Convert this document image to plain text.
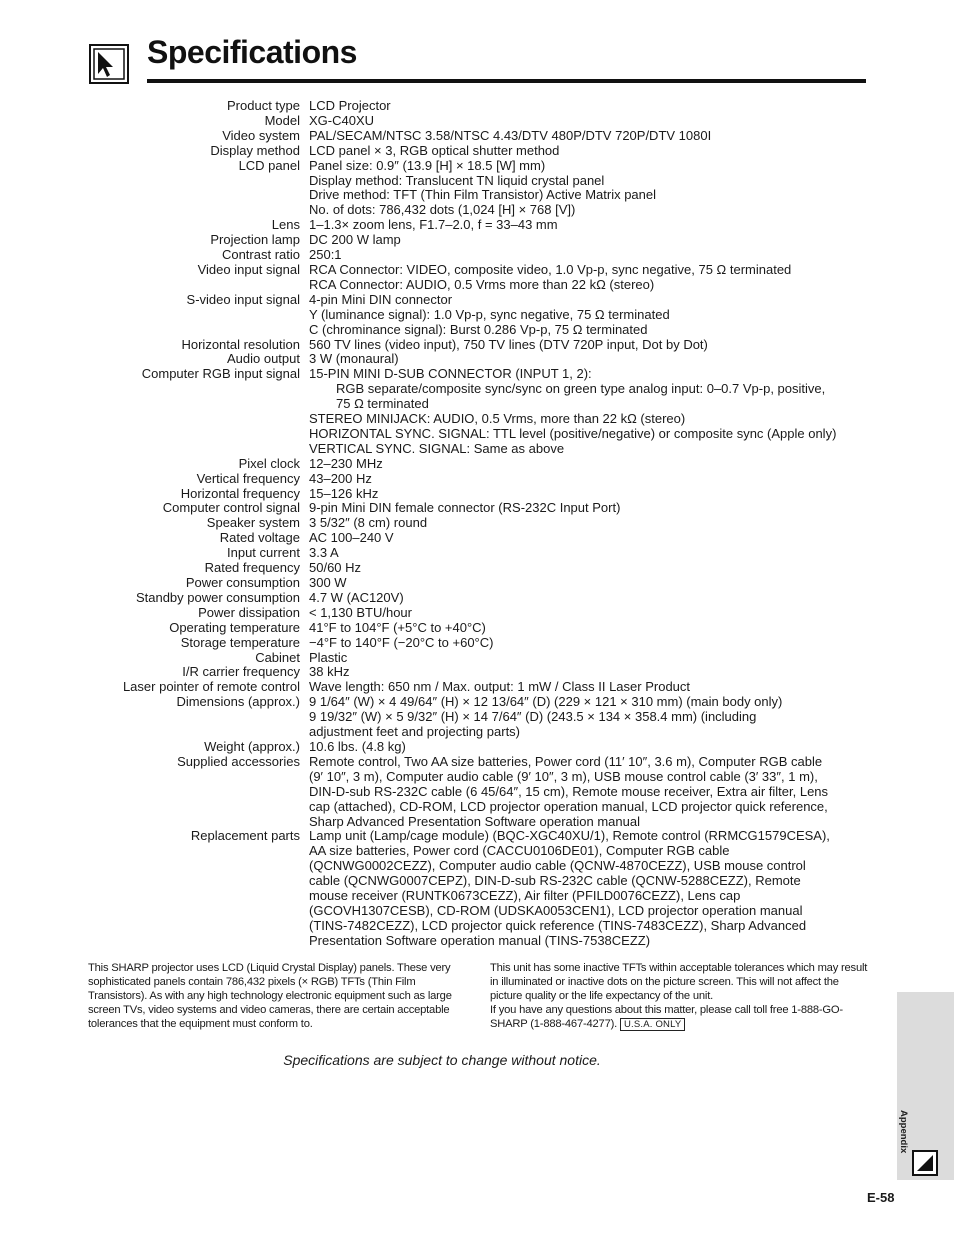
Specifications
Product type LCD Projector
Model XG-C40XU
Video system PAL/SECAM/NTSC 3.58/NTSC 4.43/DTV 480P/DTV 720P/DTV 1080I
Display method LCD panel × 3, RGB optical shutter method
LCD panel Panel size: 0.9″ (13.9 [H] × 18.5 [W] mm)
Display method: Translucent TN liquid crystal panel
Drive method: TFT (Thin Film Transistor) Active Matrix panel
No. of dots: 786,432 dots (1,024 [H] × 768 [V])
Lens 1–1.3× zoom lens, F1.7–2.0, f = 33–43 mm
Projection lamp DC 200 W lamp
Contrast ratio 250:1
Video input signal RCA Connector: VIDEO, composite video, 1.0 Vp-p, sync negative, 75 Ω terminated
RCA Connector: AUDIO, 0.5 Vrms more than 22 kΩ (stereo)
S-video input signal 4-pin Mini DIN connector
Y (luminance signal): 1.0 Vp-p, sync negative, 75 Ω terminated
C (chrominance signal): Burst 0.286 Vp-p, 75 Ω terminated
Horizontal resolution 560 TV lines (video input), 750 TV lines (DTV 720P input, Dot by Dot)
Audio output 3 W (monaural)
Computer RGB input signal 15-PIN MINI D-SUB CONNECTOR (INPUT 1, 2):
RGB separate/composite sync/sync on green type analog input: 0–0.7 Vp-p, positive,
75 Ω terminated
STEREO MINIJACK: AUDIO, 0.5 Vrms, more than 22 kΩ (stereo)
HORIZONTAL SYNC. SIGNAL: TTL level (positive/negative) or composite sync (Apple only)
VERTICAL SYNC. SIGNAL: Same as above
Pixel clock 12–230 MHz
Vertical frequency 43–200 Hz
Horizontal frequency 15–126 kHz
Computer control signal 9-pin Mini DIN female connector (RS-232C Input Port)
Speaker system 3 5/32″ (8 cm) round
Rated voltage AC 100–240 V
Input current 3.3 A
Rated frequency 50/60 Hz
Power consumption 300 W
Standby power consumption 4.7 W (AC120V)
Power dissipation < 1,130 BTU/hour
Operating temperature 41°F to 104°F (+5°C to +40°C)
Storage temperature −4°F to 140°F (−20°C to +60°C)
Cabinet Plastic
I/R carrier frequency 38 kHz
Laser pointer of remote control Wave length: 650 nm / Max. output: 1 mW / Class II Laser Product
Dimensions (approx.) 9 1/64″ (W) × 4 49/64″ (H) × 12 13/64″ (D) (229 × 121 × 310 mm) (main body only)
9 19/32″ (W) × 5 9/32″ (H) × 14 7/64″ (D) (243.5 × 134 × 358.4 mm) (including
adjustment feet and projecting parts)
Weight (approx.) 10.6 lbs. (4.8 kg)
Supplied accessories Remote control, Two AA size batteries, Power cord (11′ 10″, 3.6 m), Computer RGB cable
(9′ 10″, 3 m), Computer audio cable (9′ 10″, 3 m), USB mouse control cable (3′ 33″, 1 m),
DIN-D-sub RS-232C cable (6 45/64″, 15 cm), Remote mouse receiver, Extra air filter, Lens
cap (attached), CD-ROM, LCD projector operation manual, LCD projector quick reference,
Sharp Advanced Presentation Software operation manual
Replacement parts Lamp unit (Lamp/cage module) (BQC-XGC40XU/1), Remote control (RRMCG1579CESA),
AA size batteries, Power cord (CACCU0106DE01), Computer RGB cable
(QCNWG0002CEZZ), Computer audio cable (QCNW-4870CEZZ), USB mouse control
cable (QCNWG0007CEPZ), DIN-D-sub RS-232C cable (QCNW-5288CEZZ), Remote
mouse receiver (RUNTK0673CEZZ), Air filter (PFILD0076CEZZ), Lens cap
(GCOVH1307CESB), CD-ROM (UDSKA0053CEN1), LCD projector operation manual
(TINS-7482CEZZ), LCD projector quick reference (TINS-7483CEZZ), Sharp Advanced
Presentation Software operation manual (TINS-7538CEZZ)
This SHARP projector uses LCD (Liquid Crystal Display) panels. These very sophisticated panels contain 786,432 pixels (× RGB) TFTs (Thin Film Transistors). As with any high technology electronic equipment such as large screen TVs, video systems and video cameras, there are certain acceptable tolerances that the equipment must conform to.
This unit has some inactive TFTs within acceptable tolerances which may result in illuminated or inactive dots on the picture screen. This will not affect the picture quality or the life expectancy of the unit.
If you have any questions about this matter, please call toll free 1-888-GO-SHARP (1-888-467-4277). U.S.A. ONLY
Specifications are subject to change without notice.
Appendix
E-58
